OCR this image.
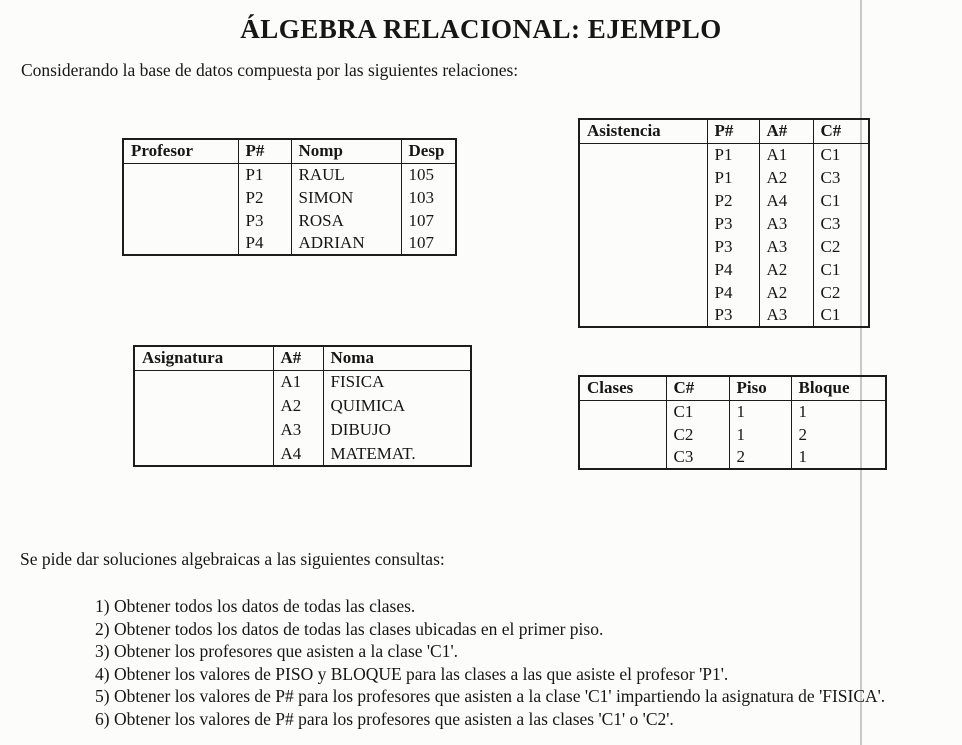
ÁLGEBRA RELACIONAL: EJEMPLO

Considerando la base de datos compuesta por las siguientes relaciones:

Profesor	P#	Nomp	Desp
	P1	RAUL	105
	P2	SIMON	103
	P3	ROSA	107
	P4	ADRIAN	107
Asistencia	P#	A#	C#
	P1	A1	C1
	P1	A2	C3
	P2	A4	C1
	P3	A3	C3
	P3	A3	C2
	P4	A2	C1
	P4	A2	C2
	P3	A3	C1
Asignatura	A#	Noma
	A1	FISICA
	A2	QUIMICA
	A3	DIBUJO
	A4	MATEMAT.
Clases	C#	Piso	Bloque
	C1	1	1
	C2	1	2
	C3	2	1

Se pide dar soluciones algebraicas a las siguientes consultas:

1) Obtener todos los datos de todas las clases.
2) Obtener todos los datos de todas las clases ubicadas en el primer piso.
3) Obtener los profesores que asisten a la clase 'C1'.
4) Obtener los valores de PISO y BLOQUE para las clases a las que asiste el profesor 'P1'.
5) Obtener los valores de P# para los profesores que asisten a la clase 'C1' impartiendo la asignatura de 'FISICA'.
6) Obtener los valores de P# para los profesores que asisten a las clases 'C1' o 'C2'.
